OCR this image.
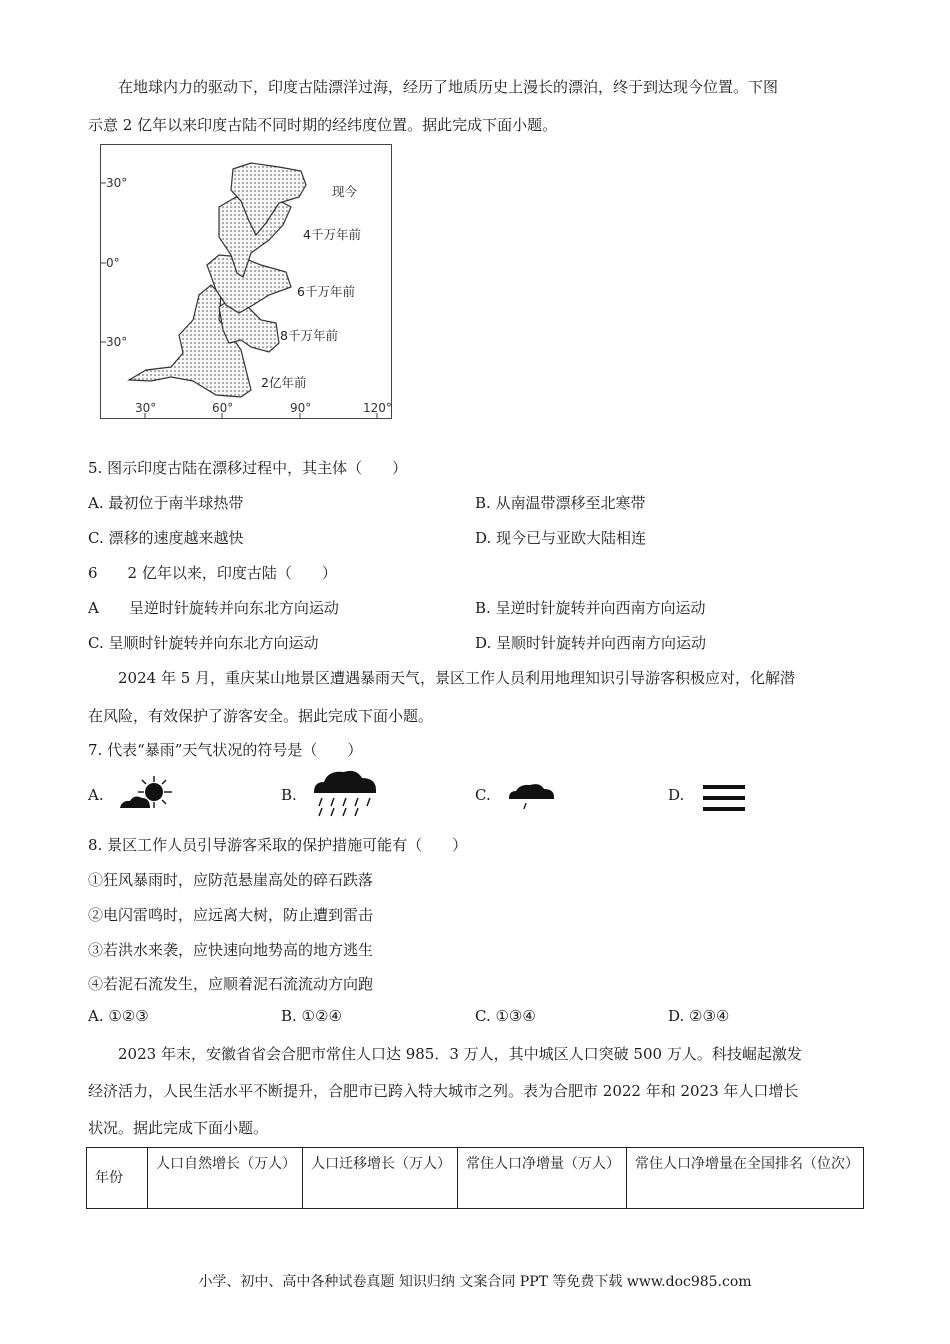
在地球内力的驱动下，印度古陆漂洋过海，经历了地质历史上漫长的漂泊，终于到达现今位置。下图
示意 2 亿年以来印度古陆不同时期的经纬度位置。据此完成下面小题。
30°
0°
30°
30°	60°	90°	120°
现今
4千万年前
6千万年前
8千万年前
2亿年前
5. 图示印度古陆在漂移过程中，其主体（　　）
A. 最初位于南半球热带	B. 从南温带漂移至北寒带
C. 漂移的速度越来越快	D. 现今已与亚欧大陆相连
6　　2 亿年以来，印度古陆（　　）
A　　呈逆时针旋转并向东北方向运动	B. 呈逆时针旋转并向西南方向运动
C. 呈顺时针旋转并向东北方向运动	D. 呈顺时针旋转并向西南方向运动
2024 年 5 月，重庆某山地景区遭遇暴雨天气，景区工作人员利用地理知识引导游客积极应对，化解潜
在风险，有效保护了游客安全。据此完成下面小题。
7. 代表“暴雨”天气状况的符号是（　　）
A.	B.	C.	D.
8. 景区工作人员引导游客采取的保护措施可能有（　　）
①狂风暴雨时，应防范悬崖高处的碎石跌落
②电闪雷鸣时，应远离大树，防止遭到雷击
③若洪水来袭，应快速向地势高的地方逃生
④若泥石流发生，应顺着泥石流流动方向跑
A. ①②③	B. ①②④	C. ①③④	D. ②③④
2023 年末，安徽省省会合肥市常住人口达 985．3 万人，其中城区人口突破 500 万人。科技崛起激发
经济活力，人民生活水平不断提升，合肥市已跨入特大城市之列。表为合肥市 2022 年和 2023 年人口增长
状况。据此完成下面小题。
年份	人口自然增长（万人）	人口迁移增长（万人）	常住人口净增量（万人）	常住人口净增量在全国排名（位次）
小学、初中、高中各种试卷真题 知识归纳 文案合同 PPT 等免费下载 www.doc985.com
